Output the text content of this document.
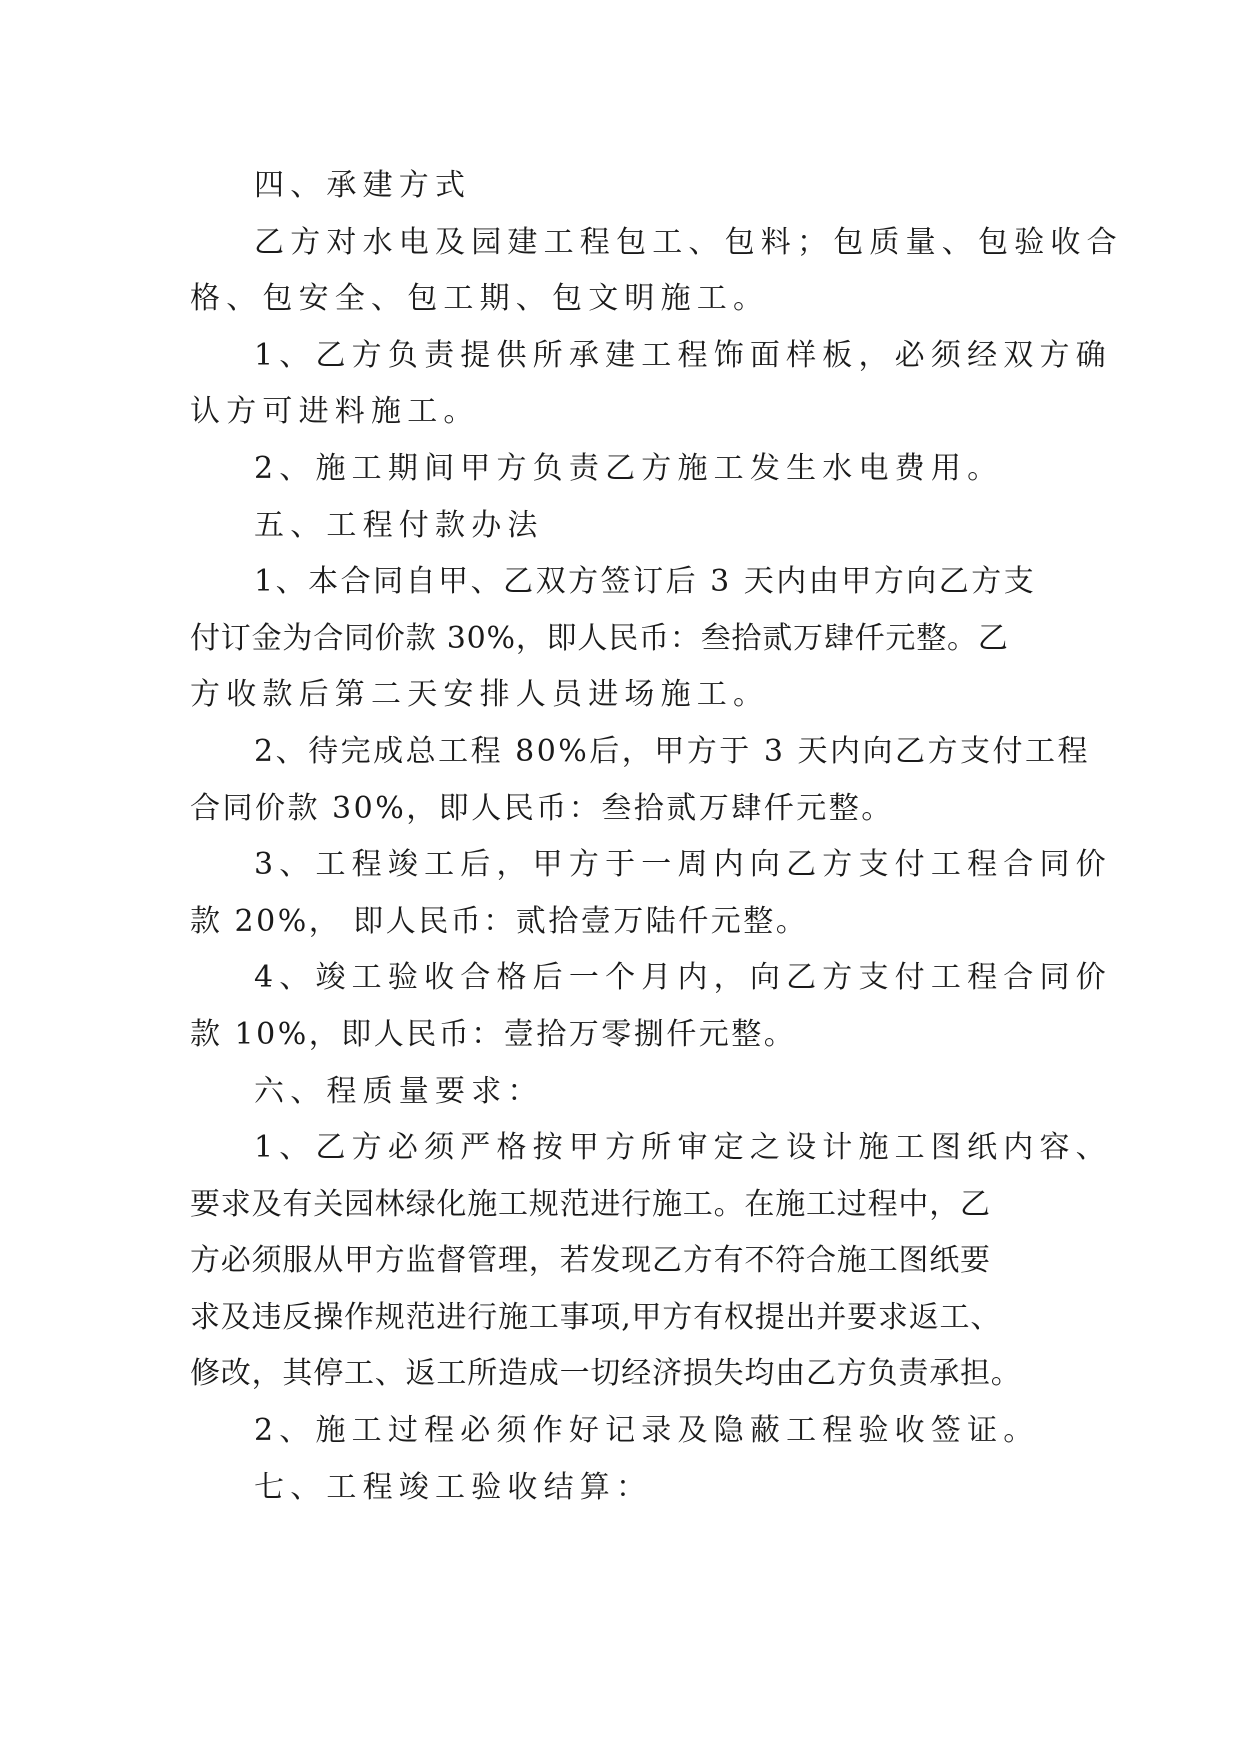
四、承建方式
乙方对水电及园建工程包工、包料；包质量、包验收合
格、包安全、包工期、包文明施工。
1、乙方负责提供所承建工程饰面样板，必须经双方确
认方可进料施工。
2、施工期间甲方负责乙方施工发生水电费用。
五、工程付款办法
1、本合同自甲、乙双方签订后 3 天内由甲方向乙方支
付订金为合同价款 30%，即人民币：叁拾贰万肆仟元整。乙
方收款后第二天安排人员进场施工。
2、待完成总工程 80%后，甲方于 3 天内向乙方支付工程
合同价款 30%，即人民币：叁拾贰万肆仟元整。
3、工程竣工后，甲方于一周内向乙方支付工程合同价
款 20%， 即人民币：贰拾壹万陆仟元整。
4、竣工验收合格后一个月内，向乙方支付工程合同价
款 10%，即人民币：壹拾万零捌仟元整。
六、程质量要求：
1、乙方必须严格按甲方所审定之设计施工图纸内容、
要求及有关园林绿化施工规范进行施工。在施工过程中，乙
方必须服从甲方监督管理，若发现乙方有不符合施工图纸要
求及违反操作规范进行施工事项,甲方有权提出并要求返工、
修改，其停工、返工所造成一切经济损失均由乙方负责承担。
2、施工过程必须作好记录及隐蔽工程验收签证。
七、工程竣工验收结算：
